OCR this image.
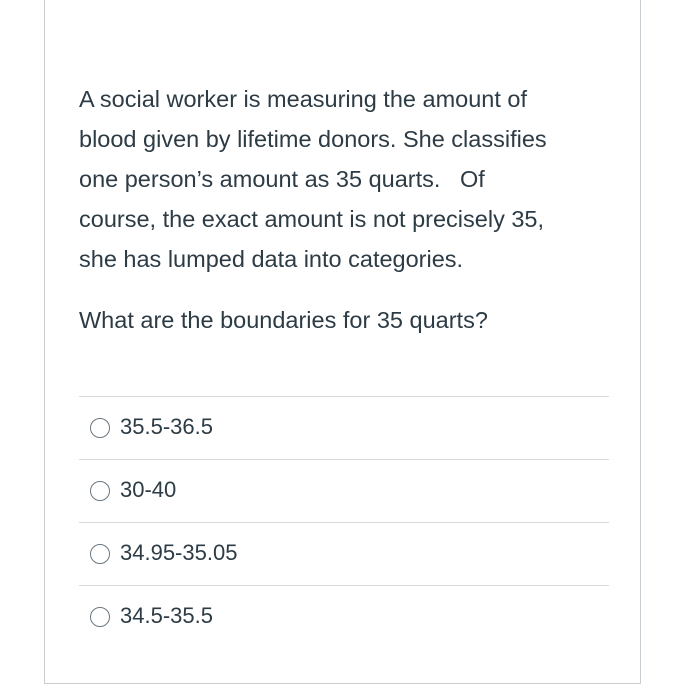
A social worker is measuring the amount of
blood given by lifetime donors. She classifies
one person’s amount as 35 quarts.   Of
course, the exact amount is not precisely 35,
she has lumped data into categories.

What are the boundaries for 35 quarts?

35.5-36.5
30-40
34.95-35.05
34.5-35.5
